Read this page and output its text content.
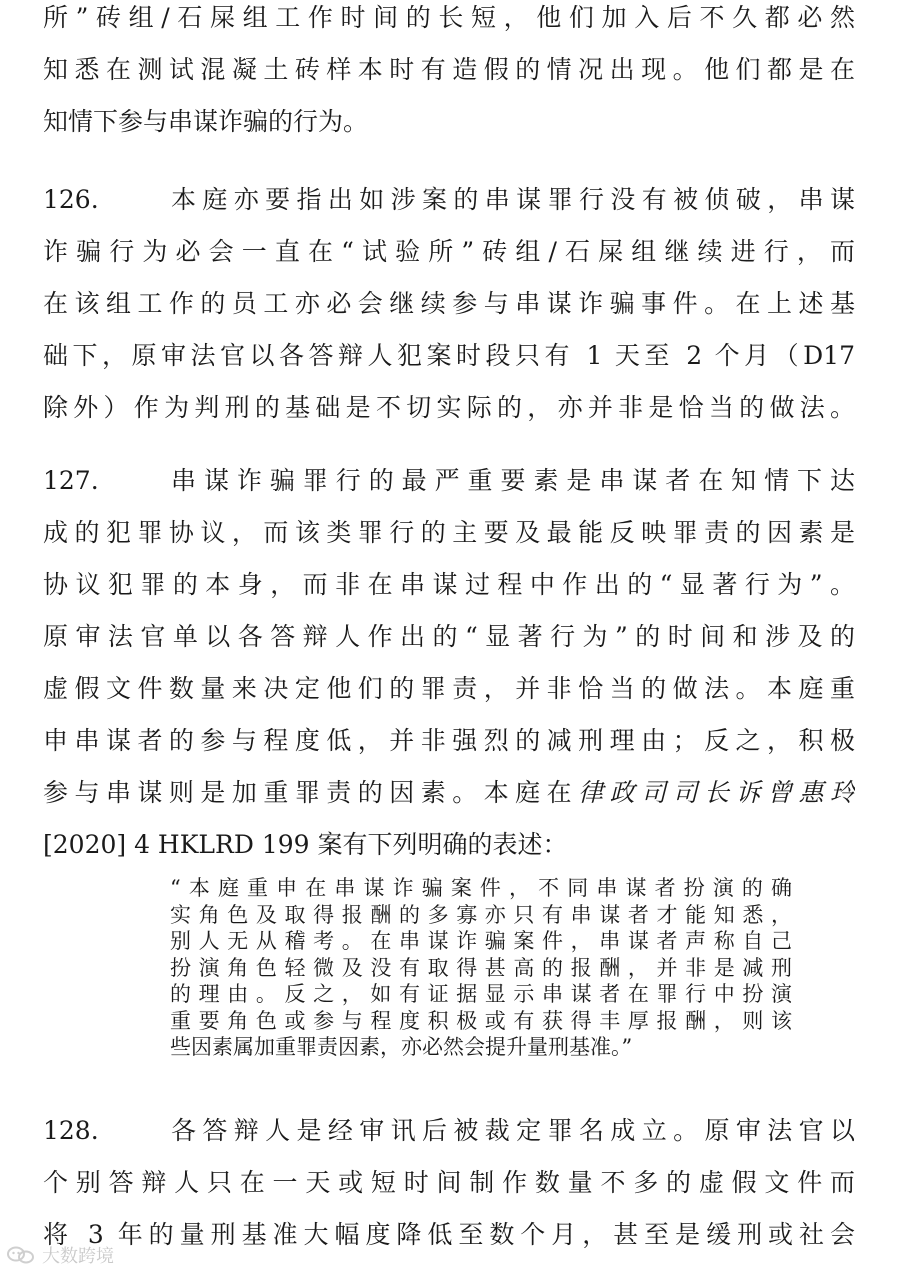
所”砖组/石屎组工作时间的长短，他们加入后不久都必然
知悉在测试混凝土砖样本时有造假的情况出现。他们都是在
知情下参与串谋诈骗的行为。
126.	本庭亦要指出如涉案的串谋罪行没有被侦破，串谋
诈骗行为必会一直在“试验所”砖组/石屎组继续进行，而
在该组工作的员工亦必会继续参与串谋诈骗事件。在上述基
础下，原审法官以各答辩人犯案时段只有 1 天至 2 个月（D17
除外）作为判刑的基础是不切实际的，亦并非是恰当的做法。
127.	串谋诈骗罪行的最严重要素是串谋者在知情下达
成的犯罪协议，而该类罪行的主要及最能反映罪责的因素是
协议犯罪的本身，而非在串谋过程中作出的“显著行为”。
原审法官单以各答辩人作出的“显著行为”的时间和涉及的
虚假文件数量来决定他们的罪责，并非恰当的做法。本庭重
申串谋者的参与程度低，并非强烈的减刑理由；反之，积极
参与串谋则是加重罪责的因素。本庭在律政司司长诉曾惠玲
[2020] 4 HKLRD 199 案有下列明确的表述：
“本庭重申在串谋诈骗案件，不同串谋者扮演的确
实角色及取得报酬的多寡亦只有串谋者才能知悉，
别人无从稽考。在串谋诈骗案件，串谋者声称自己
扮演角色轻微及没有取得甚高的报酬，并非是减刑
的理由。反之，如有证据显示串谋者在罪行中扮演
重要角色或参与程度积极或有获得丰厚报酬，则该
些因素属加重罪责因素，亦必然会提升量刑基准。”
128.	各答辩人是经审讯后被裁定罪名成立。原审法官以
个别答辩人只在一天或短时间制作数量不多的虚假文件而
将 3 年的量刑基准大幅度降低至数个月，甚至是缓刑或社会
大数跨境
